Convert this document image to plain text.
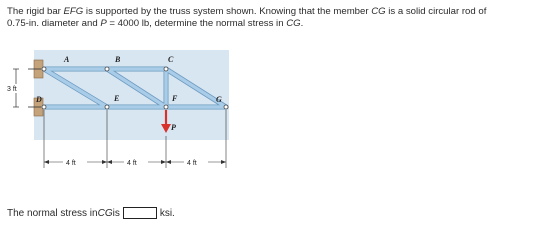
The rigid bar EFG is supported by the truss system shown. Knowing that the member CG is a solid circular rod of
0.75-in. diameter and P = 4000 lb, determine the normal stress in CG.
3 ft
A	B	C
D	E	F	G
P
4 ft	4 ft	4 ft
The normal stress in CG is	ksi.
